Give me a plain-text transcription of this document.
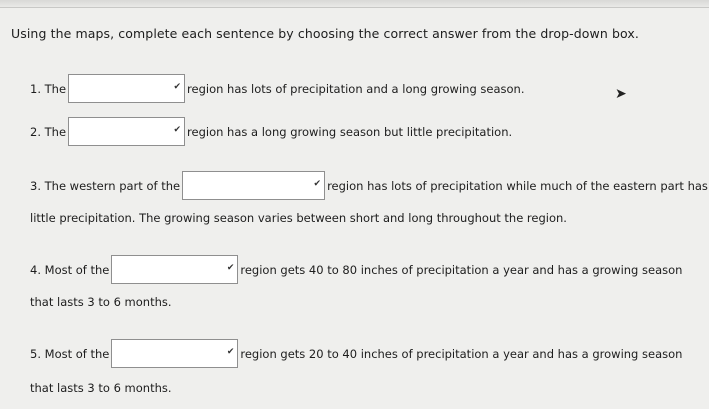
Using the maps, complete each sentence by choosing the correct answer from the drop-down box.
1.
The	✔ region has lots of precipitation and a long growing season.
2.
The	✔ region has a long growing season but little precipitation.
3.
The western part of the	✔ region has lots of precipitation while much of the eastern part has
little precipitation. The growing season varies between short and long throughout the region.
4.
Most of the	✔ region gets 40 to 80 inches of precipitation a year and has a growing season
that lasts 3 to 6 months.
5.
Most of the	✔ region gets 20 to 40 inches of precipitation a year and has a growing season
that lasts 3 to 6 months.
➤
